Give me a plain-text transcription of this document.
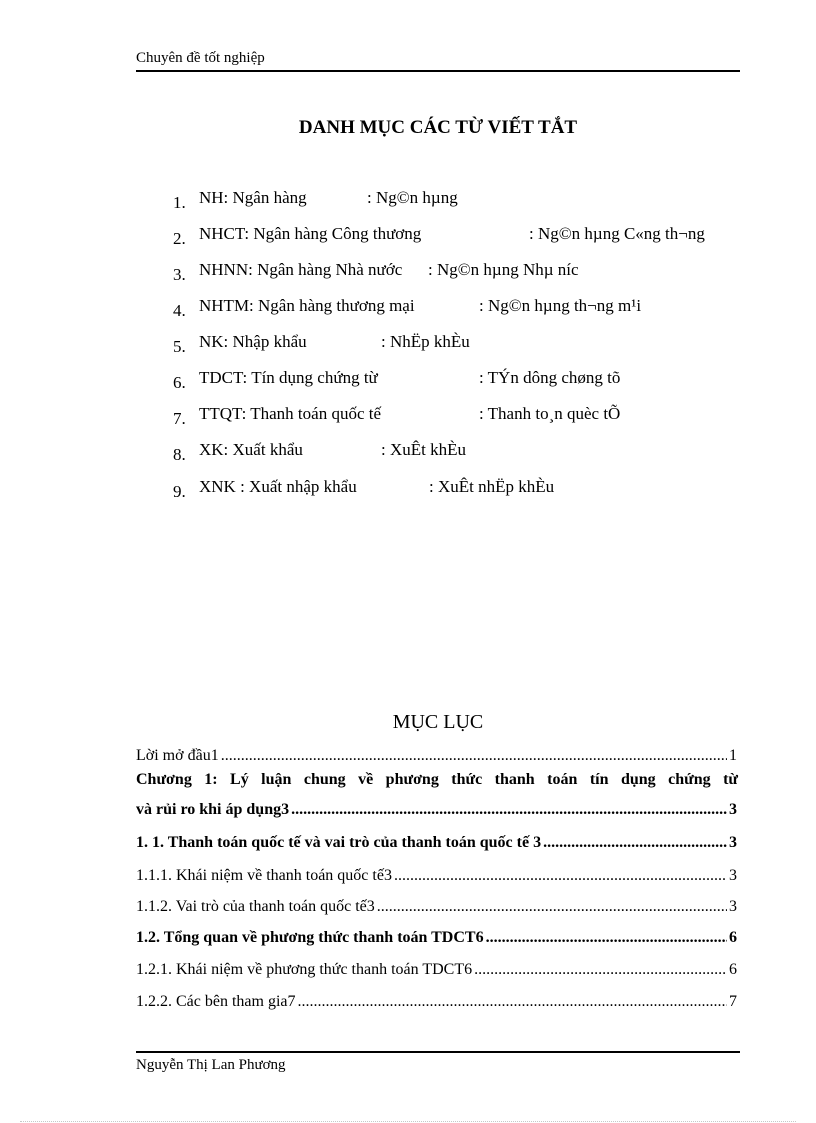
Chuyên đề tốt nghiệp
DANH MỤC CÁC TỪ VIẾT TẮT
1. NH: Ngân hàng	: Ng©n hµng
2. NHCT: Ngân hàng Công thương	: Ng©n hµng C«ng th¬ng
3. NHNN: Ngân hàng Nhà nước : Ng©n hµng Nhµ níc
4. NHTM: Ngân hàng thương mại	: Ng©n hµng th¬ng m¹i
5. NK: Nhập khẩu	: NhËp khÈu
6. TDCT: Tín dụng chứng từ	: TÝn dông chøng tõ
7. TTQT: Thanh toán quốc tế	: Thanh to¸n quèc tÕ
8. XK: Xuất khẩu	: XuÊt khÈu
9. XNK : Xuất nhập khẩu	: XuÊt nhËp khÈu
MỤC LỤC
Lời mở đầu1 .....	1
Chương 1: Lý luận chung về phương thức thanh toán tín dụng chứng từ
và rủi ro khi áp dụng3 .....	3
1. 1. Thanh toán quốc tế và vai trò của thanh toán quốc tế 3 .....	3
1.1.1. Khái niệm về thanh toán quốc tế3 .....	3
1.1.2. Vai trò của thanh toán quốc tế3 .....	3
1.2. Tổng quan về phương thức thanh toán TDCT6 .....	6
1.2.1. Khái niệm về phương thức thanh toán TDCT6 .....	6
1.2.2. Các bên tham gia7 .....	7
Nguyễn Thị Lan Phương
